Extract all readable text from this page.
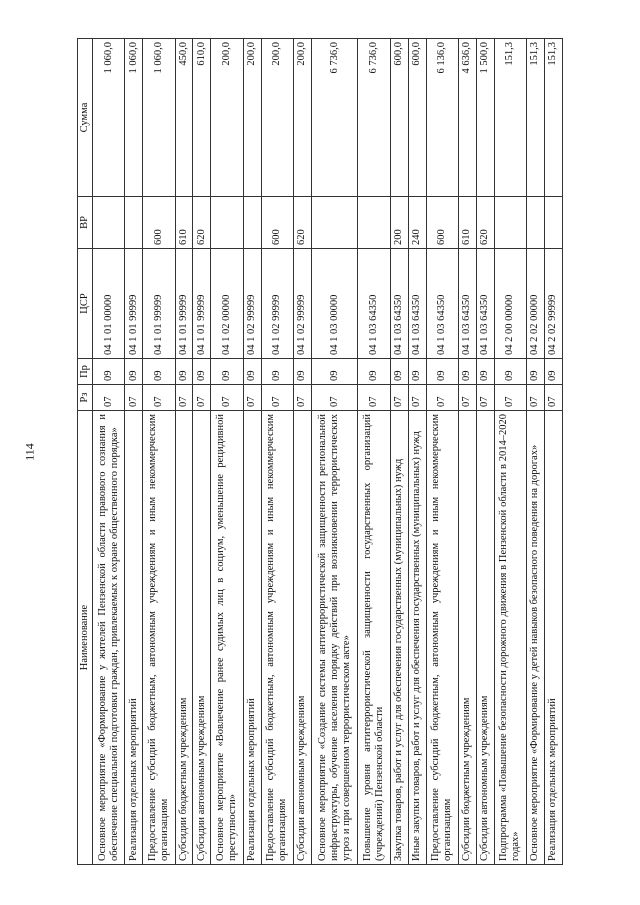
114
Наименование	Рз	Пр	ЦСР	ВР	Сумма
Основное мероприятие «Формирование у жителей Пензенской области правового сознания и обеспечение специальной подготовки граждан, привлекаемых к охране общественного порядка»	07	09	04 1 01 00000		1 060,0
Реализация отдельных мероприятий	07	09	04 1 01 99999		1 060,0
Предоставление субсидий бюджетным, автономным учреждениям и иным некоммерческим организациям	07	09	04 1 01 99999	600	1 060,0
Субсидии бюджетным учреждениям	07	09	04 1 01 99999	610	450,0
Субсидии автономным учреждениям	07	09	04 1 01 99999	620	610,0
Основное мероприятие «Вовлечение ранее судимых лиц в социум, уменьшение рецидивной преступности»	07	09	04 1 02 00000		200,0
Реализация отдельных мероприятий	07	09	04 1 02 99999		200,0
Предоставление субсидий бюджетным, автономным учреждениям и иным некоммерческим организациям	07	09	04 1 02 99999	600	200,0
Субсидии автономным учреждениям	07	09	04 1 02 99999	620	200,0
Основное мероприятие «Создание системы антитеррористической защищенности региональной инфраструктуры, обучение населения порядку действий при возникновении террористических угроз и при совершенном террористическом акте»	07	09	04 1 03 00000		6 736,0
Повышение уровня антитеррористической защищенности государственных организаций (учреждений) Пензенской области	07	09	04 1 03 64350		6 736,0
Закупка товаров, работ и услуг для обеспечения государственных (муниципальных) нужд	07	09	04 1 03 64350	200	600,0
Иные закупки товаров, работ и услуг для обеспечения государственных (муниципальных) нужд	07	09	04 1 03 64350	240	600,0
Предоставление субсидий бюджетным, автономным учреждениям и иным некоммерческим организациям	07	09	04 1 03 64350	600	6 136,0
Субсидии бюджетным учреждениям	07	09	04 1 03 64350	610	4 636,0
Субсидии автономным учреждениям	07	09	04 1 03 64350	620	1 500,0
Подпрограмма «Повышение безопасности дорожного движения в Пензенской области в 2014–2020 годах»	07	09	04 2 00 00000		151,3
Основное мероприятие «Формирование у детей навыков безопасного поведения на дорогах»	07	09	04 2 02 00000		151,3
Реализация отдельных мероприятий	07	09	04 2 02 99999		151,3
